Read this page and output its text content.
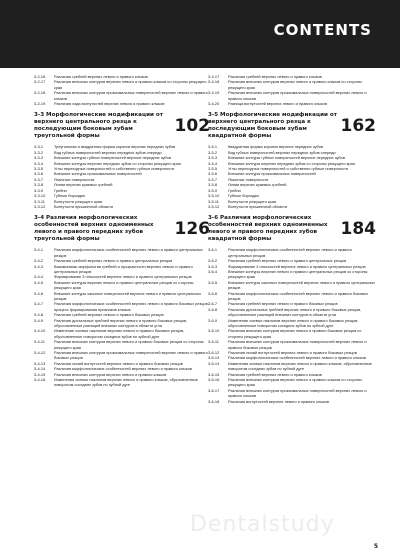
CONTENTS
3-2-16	Различия гребней верхних левого и правого клыков
3-2-17	Различия внешних контуров верхних левого и правого клыков со стороны режущего края
3-2-18	Различия внешних контуров проксимальных поверхностей верхних левого и правого клыков
3-2-19	Различия хода вогнутостей верхних левого и правого клыков
3-3 Морфологические модификации от верхнего центрального резца к последующим боковым зубам треугольной формы	102
3-3-1	Треугольная и квадратная форма коронок верхних передних зубов
3-3-2	Вид губных поверхностей верхних передних зубов спереди
3-3-3	Внешние контуры губных поверхностей верхних передних зубов
3-3-4	Внешние контуры верхних передних зубов со стороны режущего края
3-3-5	Углы переходных поверхностей и собственно губные поверхности
3-3-6	Внешние контуры проксимальных поверхностей
3-3-7	Язычные поверхности
3-3-8	Линии верхних краевых гребней
3-3-9	Гребни
3-3-10	Губные бороздки
3-3-11	Вогнутости режущего края
3-3-12	Вогнутости пришеечной области
3-4 Различия морфологических особенностей верхних одноименных левого и правого передних зубов треугольной формы	126
3-4-1	Различия морфологических особенностей верхних левого и правого центральных резцов
3-4-2	Различия гребней верхних левого и правого центральных резцов
3-4-3	Взаимосвязь морфологии гребней и прозрачности верхних левого и правого центральных резцов
3-4-4	Формирование 3 плоскостей верхних левого и правого центральных резцов
3-4-5	Внешние контуры верхних левого и правого центральных резцов со стороны режущего края
3-4-6	Внешние контуры язычных поверхностей верхних левого и правого центральных резцов
3-4-7	Различия морфологических особенностей верхних левого и правого боковых резцов, процесс формирования признаков клыков
3-4-8	Различия гребней верхних левого и правого боковых резцов
3-4-9	Различия дистальных гребней верхних левого и правого боковых резцов, обусловленные разницей внешних контуров в области угла
3-4-10	Изменение осевых наклонов верхних левого и правого боковых резцов, обусловленные поворотом соседних зубов по зубной дуге
3-4-11	Различия внешних контуров верхних левого и правого боковых резцов со стороны режущего края
3-4-12	Различия внешних контуров проксимальных поверхностей верхних левого и правого боковых резцов
3-4-13	Различия линий вогнутостей верхних левого и правого боковых резцов
3-4-14	Различия морфологических особенностей верхних левого и правого клыков
3-4-15	Различия внешних контуров верхних левого и правого клыков
3-4-16	Изменения осевых наклонов верхних левого и правого клыков, обусловленные поворотом соседних зубов по зубной дуге
3-4-17	Различия гребней верхних левого и правого клыков
3-4-18	Различия внешних контуров верхних левого и правого клыков со стороны режущего края
3-4-19	Различия внешних контуров проксимальных поверхностей верхних левого и правого клыков
3-4-20	Разница вогнутостей верхних левого и правого клыков
3-5 Морфологические модификации от верхнего центрального резца к последующим боковым зубам квадратной формы	162
3-5-1	Квадратная форма коронок верхних передних зубов
3-5-2	Вид губных поверхностей верхних передних зубов спереди
3-5-3	Внешние контуры губных поверхностей верхних передних зубов
3-5-4	Внешние контуры верхних передних зубов со стороны режущего края
3-5-5	Углы переходных поверхностей и собственно губные поверхности
3-5-6	Внешние контуры проксимальных поверхностей
3-5-7	Язычные поверхности
3-5-8	Линии верхних краевых гребней
3-5-9	Гребни
3-5-10	Губные бороздки
3-5-11	Вогнутости режущего края
3-5-12	Вогнутости пришеечной области
3-6 Различия морфологических особенностей верхних одноименных левого и правого передних зубов квадратной формы	184
3-6-1	Различия морфологических особенностей верхних левого и правого центральных резцов
3-6-2	Различия гребней верхних левого и правого центральных резцов
3-6-3	Формирование 3 плоскостей верхних левого и правого центральных резцов
3-6-4	Внешние контуры верхних левого и правого центральных резцов со стороны режущего края
3-6-5	Внешние контуры язычных поверхностей верхних левого и правого центральных резцов
3-6-6	Различия морфологических особенностей верхних левого и правого боковых резцов
3-6-7	Различия гребней верхних левого и правого боковых резцов
3-6-8	Различия дистальных гребней верхних левого и правого боковых резцов, обусловленные разницей внешних контуров в области угла
3-6-9	Изменение осевых наклонов верхних левого и правого боковых резцов, обусловленные поворотом соседних зубов по зубной дуге
3-6-10	Различия внешних контуров верхних левого и правого боковых резцов со стороны режущего края
3-6-11	Различия внешних контуров проксимальных поверхностей верхних левого и правого боковых резцов
3-6-12	Различия линий вогнутостей верхних левого и правого боковых резцов
3-6-13	Различия морфологических особенностей верхних левого и правого клыков
3-6-14	Изменения осевых наклонов верхних левого и правого клыков, обусловленные поворотом соседних зубов по зубной дуге
3-6-15	Различия гребней верхних левого и правого клыков
3-6-16	Различия внешних контуров верхних левого и правого клыков со стороны режущего края
3-6-17	Различия внешних контуров проксимальных поверхностей верхних левого и правого клыков
3-6-18	Различия вогнутостей верхних левого и правого клыков
Dentalstudy
5
